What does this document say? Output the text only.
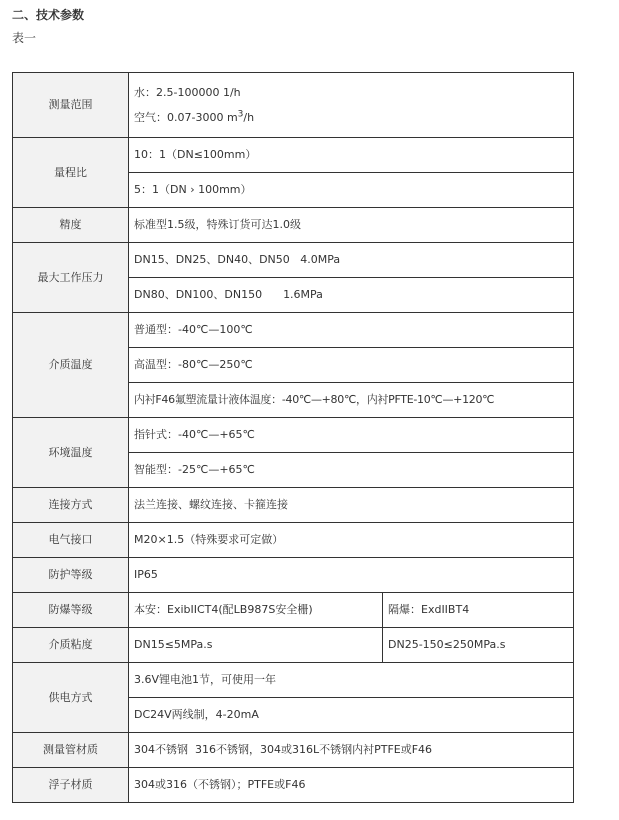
二、技术参数
表一
测量范围	水：2.5-100000 1/h
空气：0.07-3000 $m^3/h$	

量程比	10：1（DN≤100mm）	
	5：1（DN › 100mm）	
精度	标准型1.5级，特殊订货可达1.0级	
最大工作压力	DN15、DN25、DN40、DN50   4.0MPa	
	DN80、DN100、DN150      1.6MPa	
介质温度	普通型：-40℃—100℃	
	高温型：-80℃—250℃	
	内衬F46氟塑流量计液体温度：-40℃—+80℃，内衬PFTE-10℃—+120℃	
环境温度	指针式：-40℃—+65℃	
	智能型：-25℃—+65℃	
连接方式	法兰连接、螺纹连接、卡箍连接	
电气接口	M20×1.5（特殊要求可定做）	
防护等级	IP65	
防爆等级	本安：ExibIICT4(配LB987S安全栅)	隔爆：ExdIIBT4
介质粘度	DN15≤5MPa.s	DN25-150≤250MPa.s
供电方式	3.6V锂电池1节，可使用一年	
	DC24V两线制，4-20mA	
测量管材质	304不锈钢  316不锈钢，304或316L不锈钢内衬PTFE或F46	
浮子材质	304或316（不锈钢）；PTFE或F46	
